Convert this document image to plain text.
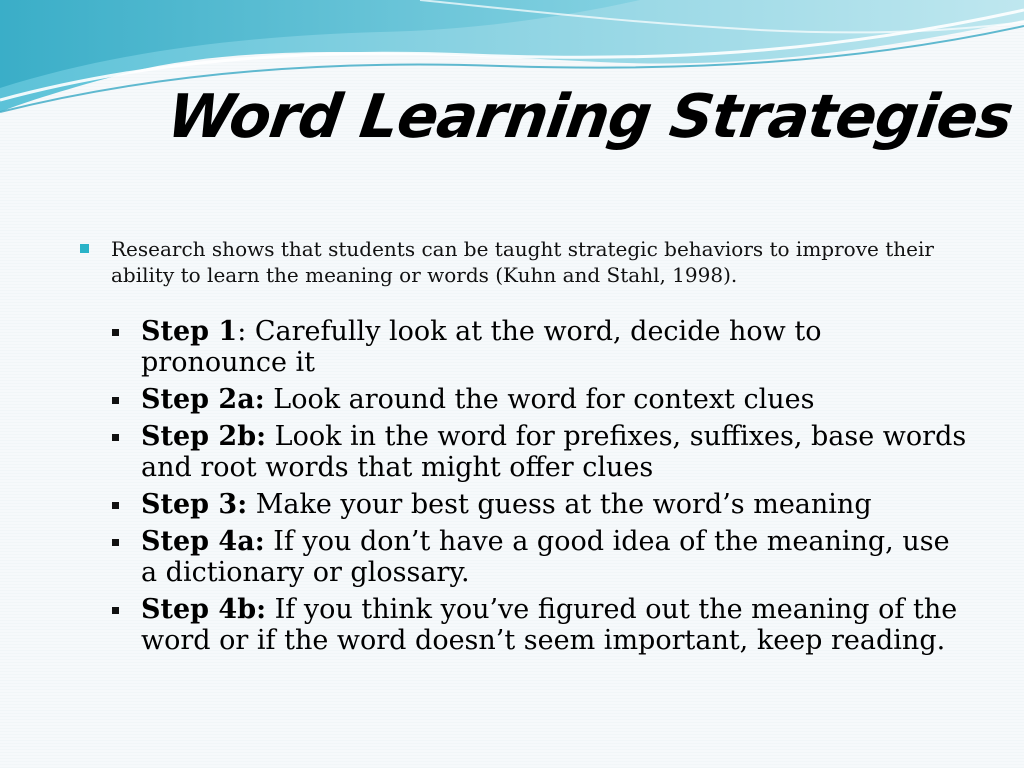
Word Learning Strategies
Research shows that students can be taught strategic behaviors to improve their ability to learn the meaning or words (Kuhn and Stahl, 1998).
Step 1: Carefully look at the word, decide how to pronounce it
Step 2a: Look around the word for context clues
Step 2b: Look in the word for prefixes, suffixes, base words and root words that might offer clues
Step 3: Make your best guess at the word’s meaning
Step 4a: If you don’t have a good idea of the meaning, use a dictionary or glossary.
Step 4b: If you think you’ve figured out the meaning of the word or if the word doesn’t seem important, keep reading.
